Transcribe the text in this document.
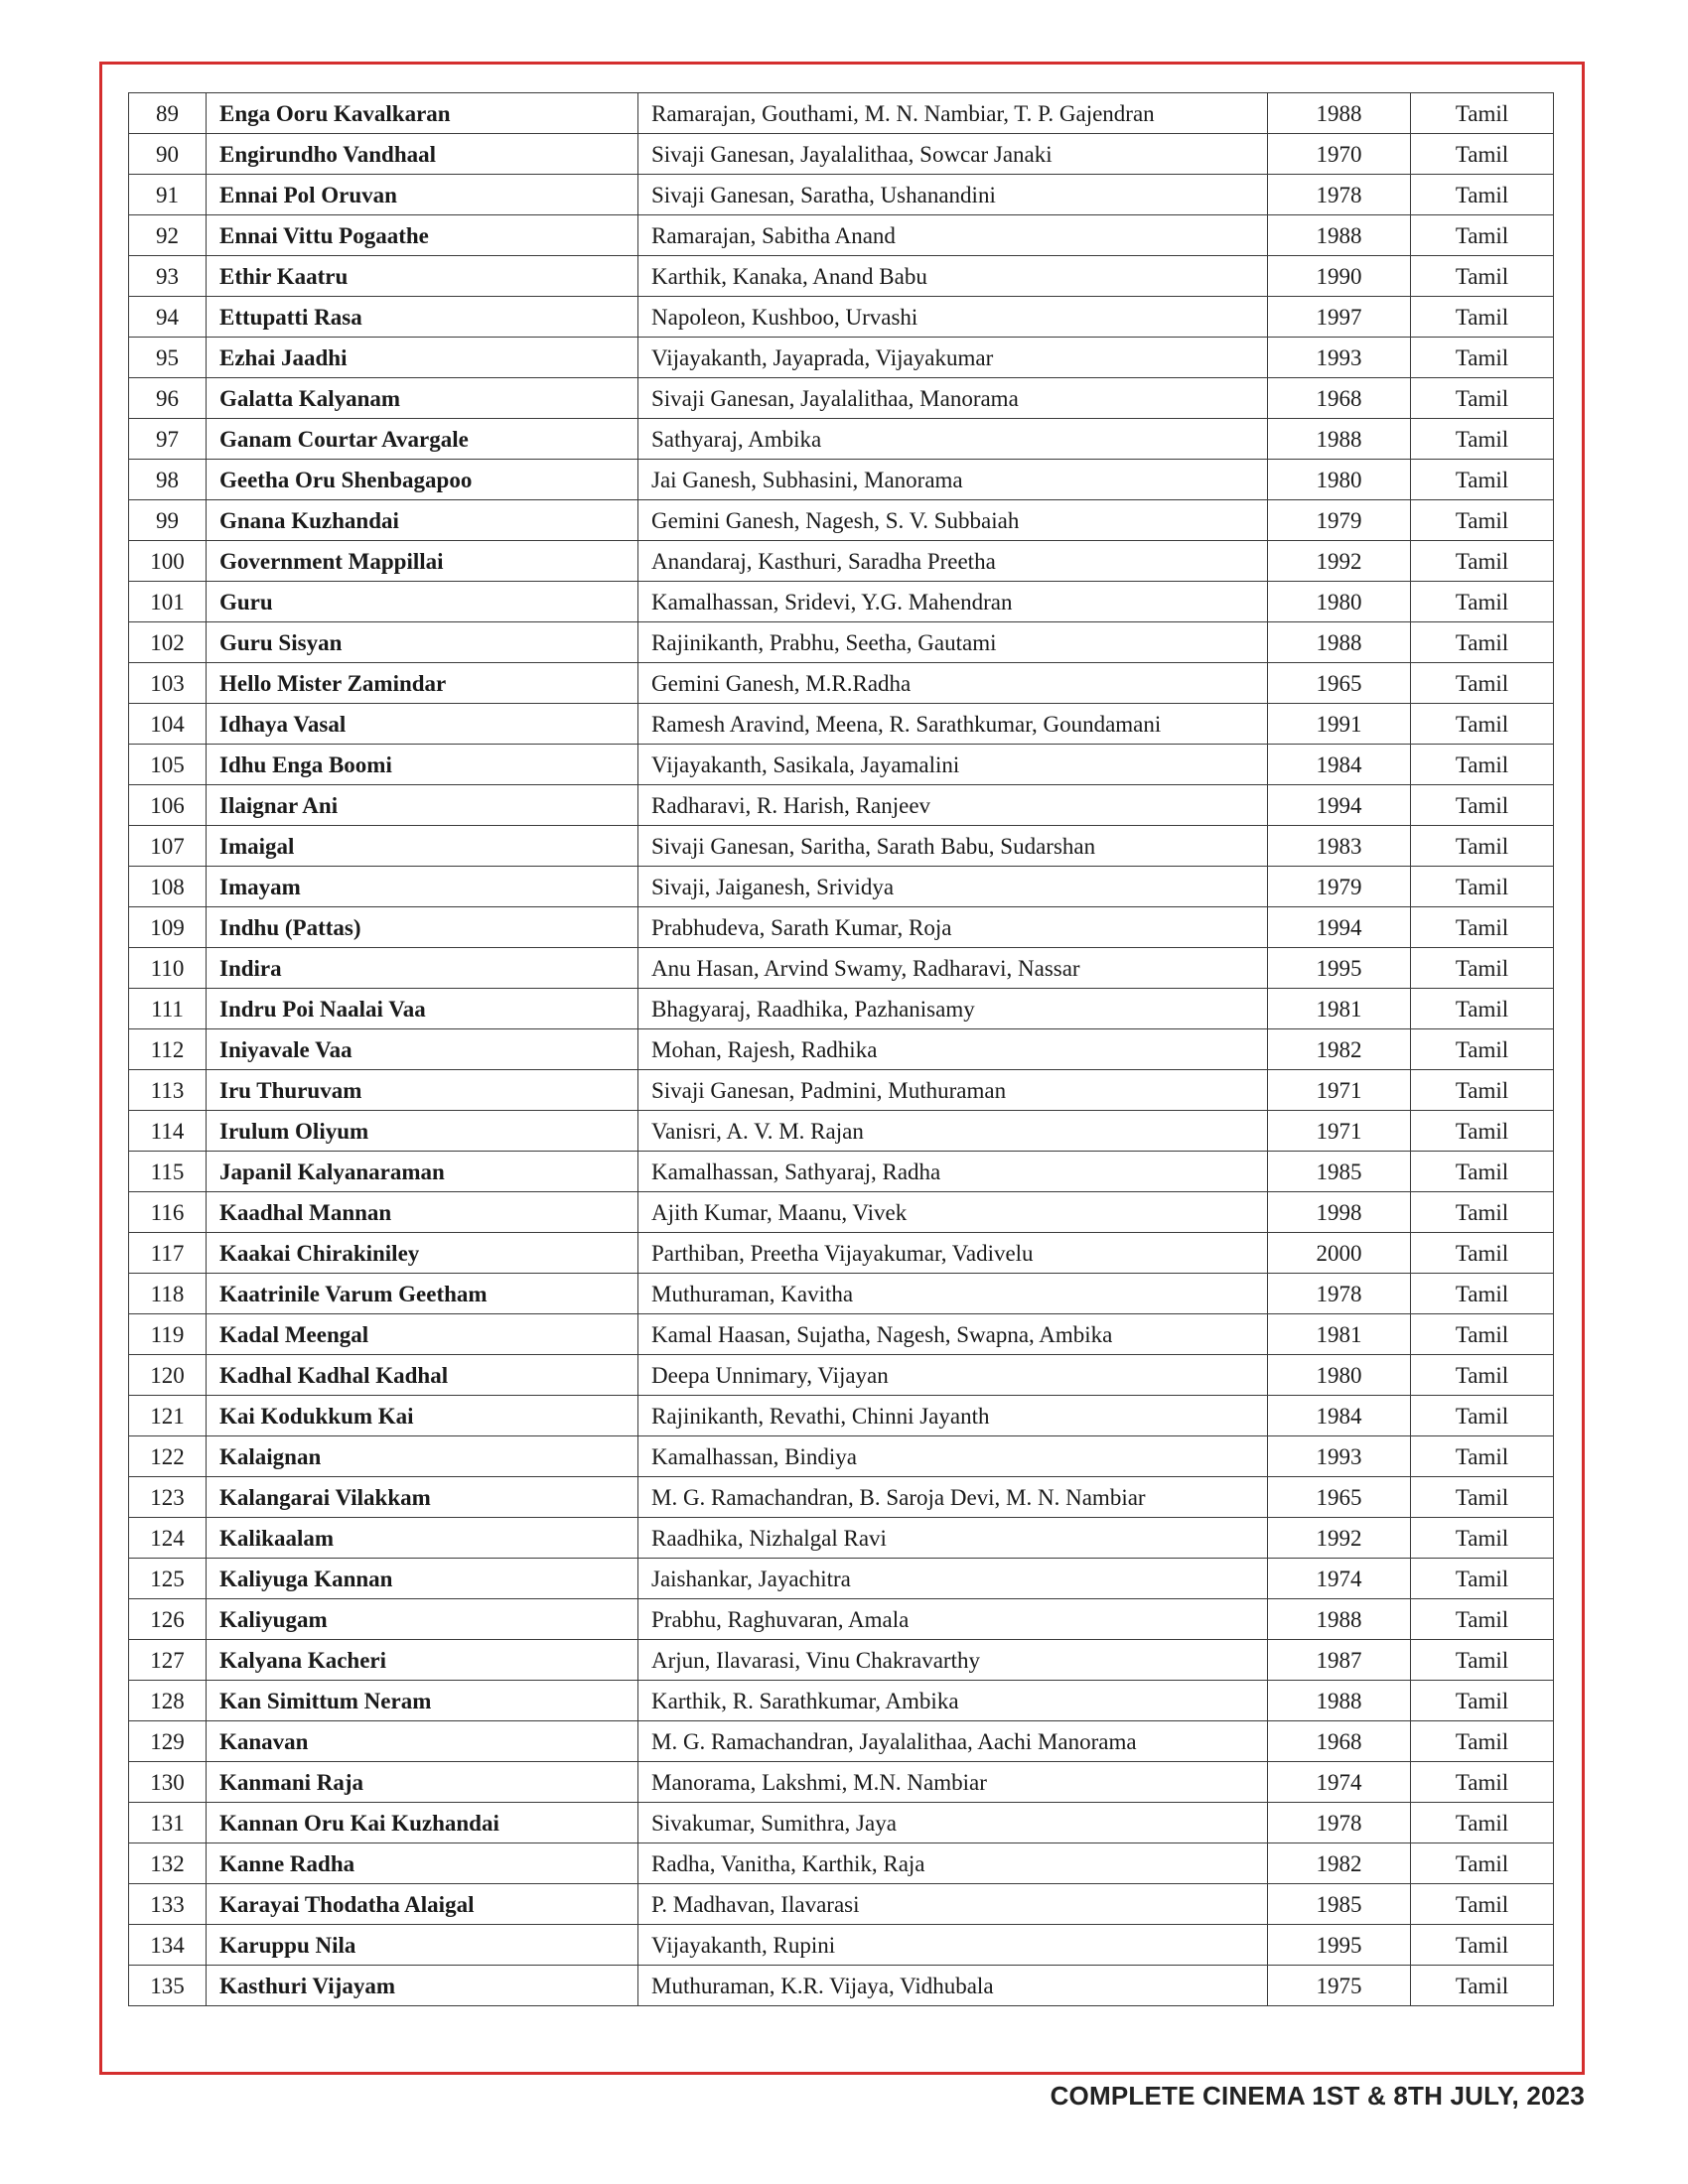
89	Enga Ooru Kavalkaran	Ramarajan, Gouthami, M. N. Nambiar, T. P. Gajendran	1988	Tamil
90	Engirundho Vandhaal	Sivaji Ganesan, Jayalalithaa, Sowcar Janaki	1970	Tamil
91	Ennai Pol Oruvan	Sivaji Ganesan, Saratha, Ushanandini	1978	Tamil
92	Ennai Vittu Pogaathe	Ramarajan, Sabitha Anand	1988	Tamil
93	Ethir Kaatru	Karthik, Kanaka, Anand Babu	1990	Tamil
94	Ettupatti Rasa	Napoleon, Kushboo, Urvashi	1997	Tamil
95	Ezhai Jaadhi	Vijayakanth, Jayaprada, Vijayakumar	1993	Tamil
96	Galatta Kalyanam	Sivaji Ganesan, Jayalalithaa, Manorama	1968	Tamil
97	Ganam Courtar Avargale	Sathyaraj, Ambika	1988	Tamil
98	Geetha Oru Shenbagapoo	Jai Ganesh, Subhasini, Manorama	1980	Tamil
99	Gnana Kuzhandai	Gemini Ganesh, Nagesh, S. V. Subbaiah	1979	Tamil
100	Government Mappillai	Anandaraj, Kasthuri, Saradha Preetha	1992	Tamil
101	Guru	Kamalhassan, Sridevi, Y.G. Mahendran	1980	Tamil
102	Guru Sisyan	Rajinikanth, Prabhu, Seetha, Gautami	1988	Tamil
103	Hello Mister Zamindar	Gemini Ganesh, M.R.Radha	1965	Tamil
104	Idhaya Vasal	Ramesh Aravind, Meena, R. Sarathkumar, Goundamani	1991	Tamil
105	Idhu Enga Boomi	Vijayakanth, Sasikala, Jayamalini	1984	Tamil
106	Ilaignar Ani	Radharavi, R. Harish, Ranjeev	1994	Tamil
107	Imaigal	Sivaji Ganesan, Saritha, Sarath Babu, Sudarshan	1983	Tamil
108	Imayam	Sivaji, Jaiganesh, Srividya	1979	Tamil
109	Indhu (Pattas)	Prabhudeva, Sarath Kumar, Roja	1994	Tamil
110	Indira	Anu Hasan, Arvind Swamy, Radharavi, Nassar	1995	Tamil
111	Indru Poi Naalai Vaa	Bhagyaraj, Raadhika, Pazhanisamy	1981	Tamil
112	Iniyavale Vaa	Mohan, Rajesh, Radhika	1982	Tamil
113	Iru Thuruvam	Sivaji Ganesan, Padmini, Muthuraman	1971	Tamil
114	Irulum Oliyum	Vanisri, A. V. M. Rajan	1971	Tamil
115	Japanil Kalyanaraman	Kamalhassan, Sathyaraj, Radha	1985	Tamil
116	Kaadhal Mannan	Ajith Kumar, Maanu, Vivek	1998	Tamil
117	Kaakai Chirakiniley	Parthiban, Preetha Vijayakumar, Vadivelu	2000	Tamil
118	Kaatrinile Varum Geetham	Muthuraman, Kavitha	1978	Tamil
119	Kadal Meengal	Kamal Haasan, Sujatha, Nagesh, Swapna, Ambika	1981	Tamil
120	Kadhal Kadhal Kadhal	Deepa Unnimary, Vijayan	1980	Tamil
121	Kai Kodukkum Kai	Rajinikanth, Revathi, Chinni Jayanth	1984	Tamil
122	Kalaignan	Kamalhassan, Bindiya	1993	Tamil
123	Kalangarai Vilakkam	M. G. Ramachandran, B. Saroja Devi, M. N. Nambiar	1965	Tamil
124	Kalikaalam	Raadhika, Nizhalgal Ravi	1992	Tamil
125	Kaliyuga Kannan	Jaishankar, Jayachitra	1974	Tamil
126	Kaliyugam	Prabhu, Raghuvaran, Amala	1988	Tamil
127	Kalyana Kacheri	Arjun, Ilavarasi, Vinu Chakravarthy	1987	Tamil
128	Kan Simittum Neram	Karthik, R. Sarathkumar, Ambika	1988	Tamil
129	Kanavan	M. G. Ramachandran, Jayalalithaa, Aachi Manorama	1968	Tamil
130	Kanmani Raja	Manorama, Lakshmi, M.N. Nambiar	1974	Tamil
131	Kannan Oru Kai Kuzhandai	Sivakumar, Sumithra, Jaya	1978	Tamil
132	Kanne Radha	Radha, Vanitha, Karthik, Raja	1982	Tamil
133	Karayai Thodatha Alaigal	P. Madhavan, Ilavarasi	1985	Tamil
134	Karuppu Nila	Vijayakanth, Rupini	1995	Tamil
135	Kasthuri Vijayam	Muthuraman, K.R. Vijaya, Vidhubala	1975	Tamil
COMPLETE CINEMA 1ST & 8TH JULY, 2023
